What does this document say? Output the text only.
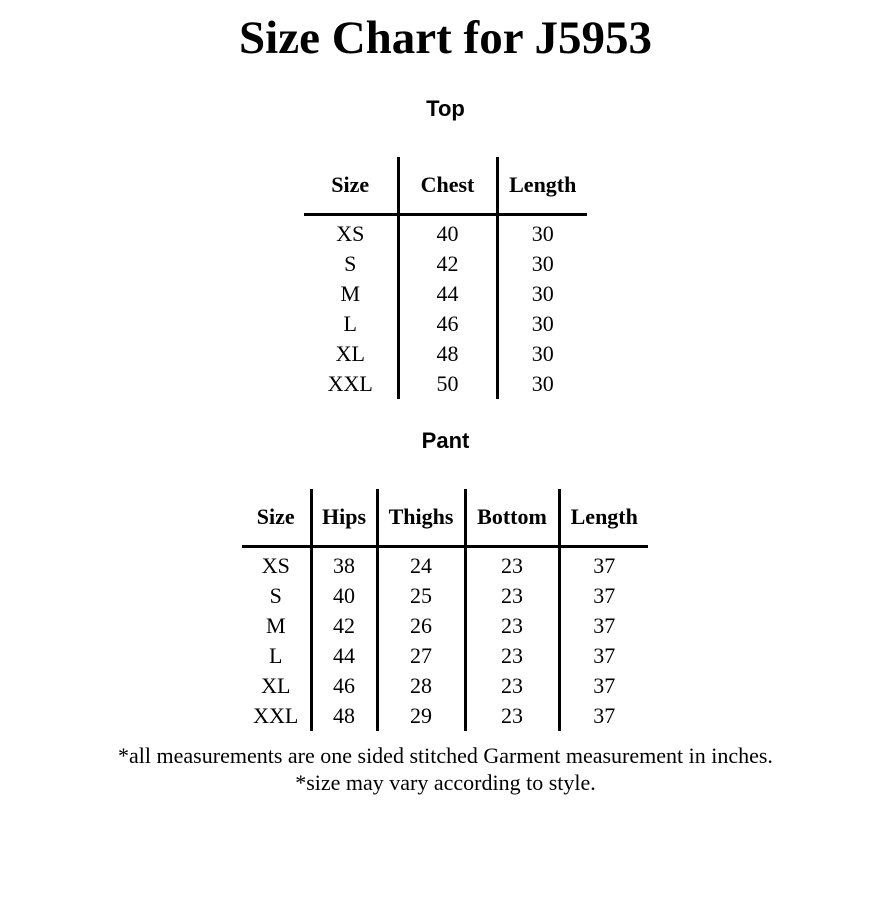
Size Chart for J5953
Top
Size	Chest	Length
XS	40	30
S	42	30
M	44	30
L	46	30
XL	48	30
XXL	50	30
Pant
Size	Hips	Thighs	Bottom	Length
XS	38	24	23	37
S	40	25	23	37
M	42	26	23	37
L	44	27	23	37
XL	46	28	23	37
XXL	48	29	23	37

*all measurements are one sided stitched Garment measurement in inches.

*size may vary according to style.
